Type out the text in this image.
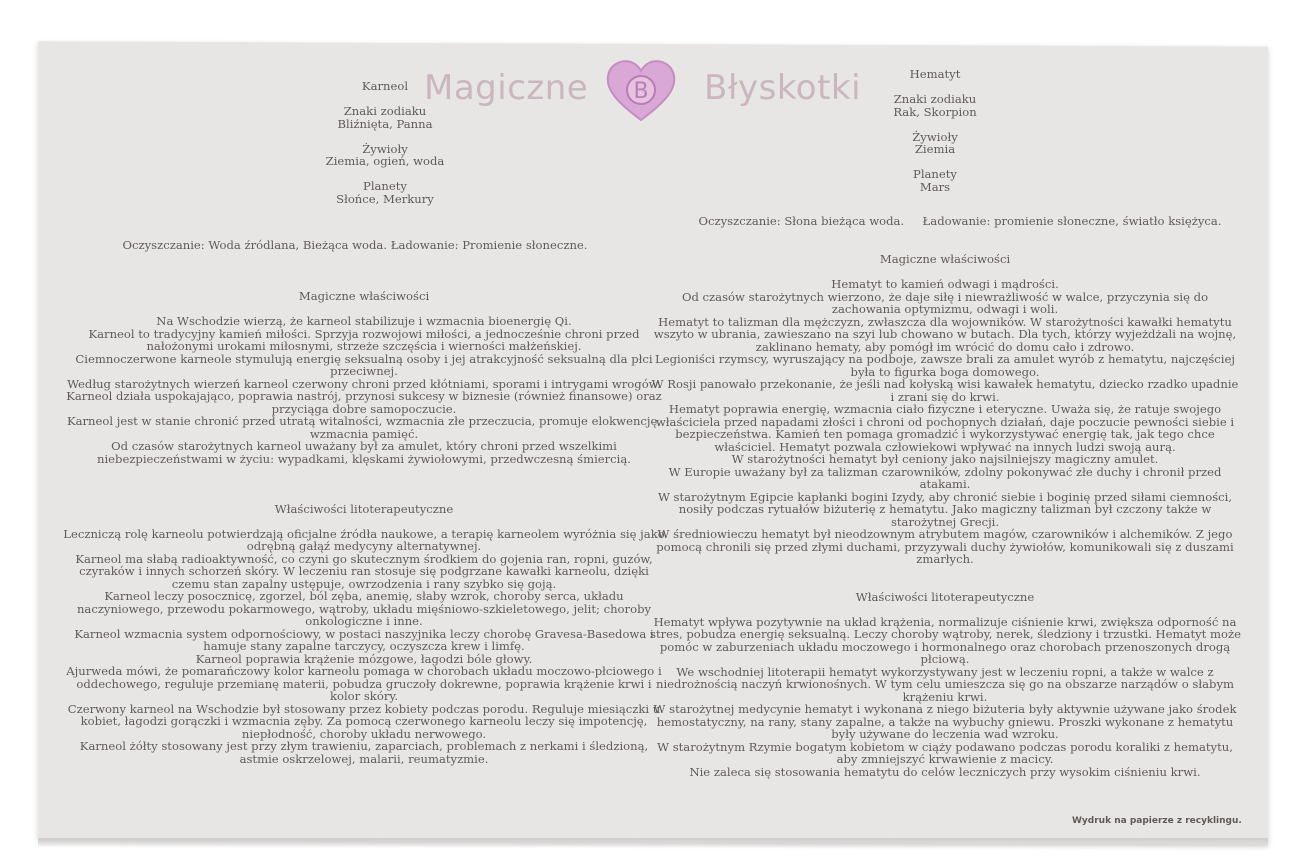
Magiczne B Błyskotki

Karneol

Znaki zodiaku

Bliźnięta, Panna

Żywioły

Ziemia, ogień, woda

Planety

Słońce, Merkury

Hematyt

Znaki zodiaku

Rak, Skorpion

Żywioły

Ziemia

Planety

Mars

Oczyszczanie: Słona bieżąca woda.     Ładowanie: promienie słoneczne, światło księżyca.
Oczyszczanie: Woda źródlana, Bieżąca woda. Ładowanie: Promienie słoneczne.

Magiczne właściwości

Na Wschodzie wierzą, że karneol stabilizuje i wzmacnia bioenergię Qi.

Karneol to tradycyjny kamień miłości. Sprzyja rozwojowi miłości, a jednocześnie chroni przed

nałożonymi urokami miłosnymi, strzeże szczęścia i wierności małżeńskiej.

Ciemnoczerwone karneole stymulują energię seksualną osoby i jej atrakcyjność seksualną dla płci

przeciwnej.

Według starożytnych wierzeń karneol czerwony chroni przed kłótniami, sporami i intrygami wrogów.

Karneol działa uspokajająco, poprawia nastrój, przynosi sukcesy w biznesie (również finansowe) oraz

przyciąga dobre samopoczucie.

Karneol jest w stanie chronić przed utratą witalności, wzmacnia złe przeczucia, promuje elokwencję,

wzmacnia pamięć.

Od czasów starożytnych karneol uważany był za amulet, który chroni przed wszelkimi

niebezpieczeństwami w życiu: wypadkami, klęskami żywiołowymi, przedwczesną śmiercią.

Właściwości litoterapeutyczne

Leczniczą rolę karneolu potwierdzają oficjalne źródła naukowe, a terapię karneolem wyróżnia się jako

odrębną gałąź medycyny alternatywnej.

Karneol ma słabą radioaktywność, co czyni go skutecznym środkiem do gojenia ran, ropni, guzów,

czyraków i innych schorzeń skóry. W leczeniu ran stosuje się podgrzane kawałki karneolu, dzięki

czemu stan zapalny ustępuje, owrzodzenia i rany szybko się goją.

Karneol leczy posocznicę, zgorzel, ból zęba, anemię, słaby wzrok, choroby serca, układu

naczyniowego, przewodu pokarmowego, wątroby, układu mięśniowo-szkieletowego, jelit; choroby

onkologiczne i inne.

Karneol wzmacnia system odpornościowy, w postaci naszyjnika leczy chorobę Gravesa-Basedowa i

hamuje stany zapalne tarczycy, oczyszcza krew i limfę.

Karneol poprawia krążenie mózgowe, łagodzi bóle głowy.

Ajurweda mówi, że pomarańczowy kolor karneolu pomaga w chorobach układu moczowo-płciowego i

oddechowego, reguluje przemianę materii, pobudza gruczoły dokrewne, poprawia krążenie krwi i

kolor skóry.

Czerwony karneol na Wschodzie był stosowany przez kobiety podczas porodu. Reguluje miesiączki u

kobiet, łagodzi gorączki i wzmacnia zęby. Za pomocą czerwonego karneolu leczy się impotencję,

niepłodność, choroby układu nerwowego.

Karneol żółty stosowany jest przy złym trawieniu, zaparciach, problemach z nerkami i śledzioną,

astmie oskrzelowej, malarii, reumatyzmie.

Magiczne właściwości

Hematyt to kamień odwagi i mądrości.

Od czasów starożytnych wierzono, że daje siłę i niewrażliwość w walce, przyczynia się do

zachowania optymizmu, odwagi i woli.

Hematyt to talizman dla mężczyzn, zwłaszcza dla wojowników. W starożytności kawałki hematytu

wszyto w ubrania, zawieszano na szyi lub chowano w butach. Dla tych, którzy wyjeżdżali na wojnę,

zaklinano hematy, aby pomógł im wrócić do domu cało i zdrowo.

Legioniści rzymscy, wyruszający na podboje, zawsze brali za amulet wyrób z hematytu, najczęściej

była to figurka boga domowego.

W Rosji panowało przekonanie, że jeśli nad kołyską wisi kawałek hematytu, dziecko rzadko upadnie

i zrani się do krwi.

Hematyt poprawia energię, wzmacnia ciało fizyczne i eteryczne. Uważa się, że ratuje swojego

właściciela przed napadami złości i chroni od pochopnych działań, daje poczucie pewności siebie i

bezpieczeństwa. Kamień ten pomaga gromadzić i wykorzystywać energię tak, jak tego chce

właściciel. Hematyt pozwala człowiekowi wpływać na innych ludzi swoją aurą.

W starożytności hematyt był ceniony jako najsilniejszy magiczny amulet.

W Europie uważany był za talizman czarowników, zdolny pokonywać złe duchy i chronił przed

atakami.

W starożytnym Egipcie kapłanki bogini Izydy, aby chronić siebie i boginię przed siłami ciemności,

nosiły podczas rytuałów biżuterię z hematytu. Jako magiczny talizman był czczony także w

starożytnej Grecji.

W średniowieczu hematyt był nieodzownym atrybutem magów, czarowników i alchemików. Z jego

pomocą chronili się przed złymi duchami, przyzywali duchy żywiołów, komunikowali się z duszami

zmarłych.

Właściwości litoterapeutyczne

Hematyt wpływa pozytywnie na układ krążenia, normalizuje ciśnienie krwi, zwiększa odporność na

stres, pobudza energię seksualną. Leczy choroby wątroby, nerek, śledziony i trzustki. Hematyt może

pomóc w zaburzeniach układu moczowego i hormonalnego oraz chorobach przenoszonych drogą

płciową.

We wschodniej litoterapii hematyt wykorzystywany jest w leczeniu ropni, a także w walce z

niedrożnością naczyń krwionośnych. W tym celu umieszcza się go na obszarze narządów o słabym

krążeniu krwi.

W starożytnej medycynie hematyt i wykonana z niego biżuteria były aktywnie używane jako środek

hemostatyczny, na rany, stany zapalne, a także na wybuchy gniewu. Proszki wykonane z hematytu

były używane do leczenia wad wzroku.

W starożytnym Rzymie bogatym kobietom w ciąży podawano podczas porodu koraliki z hematytu,

aby zmniejszyć krwawienie z macicy.

Nie zaleca się stosowania hematytu do celów leczniczych przy wysokim ciśnieniu krwi.

Wydruk na papierze z recyklingu.
